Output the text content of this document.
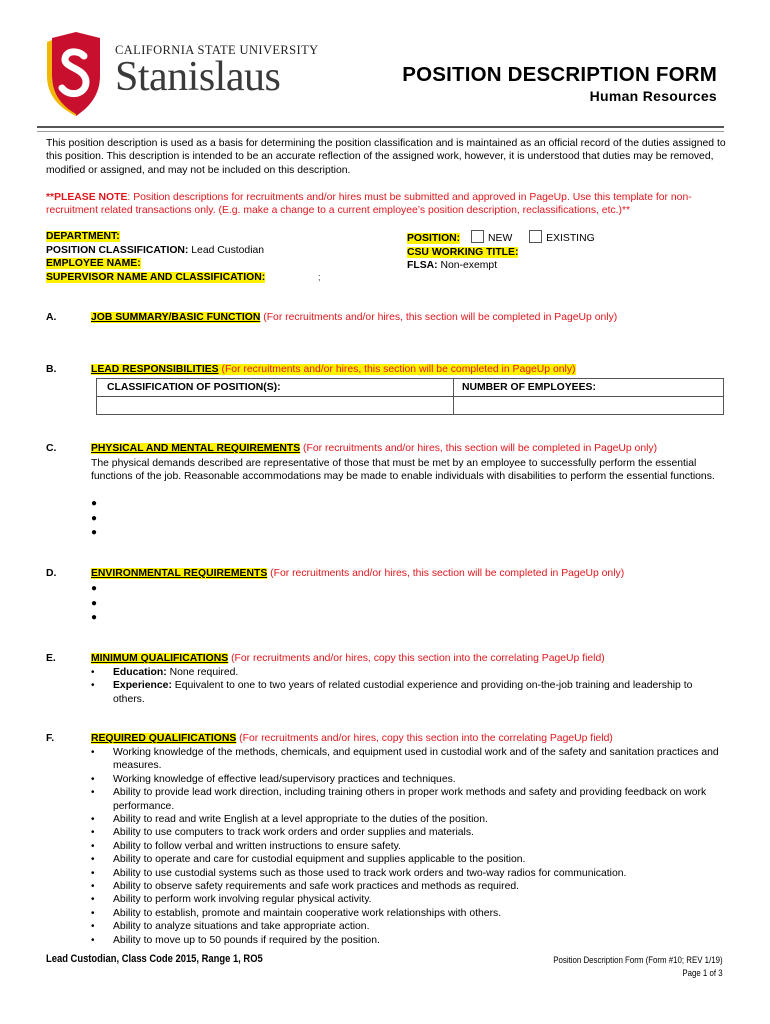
CALIFORNIA STATE UNIVERSITY
Stanislaus	POSITION DESCRIPTION FORM
Human Resources
This position description is used as a basis for determining the position classification and is maintained as an official record of the duties assigned to this position. This description is intended to be an accurate reflection of the assigned work, however, it is understood that duties may be removed, modified or assigned, and may not be included on this description.
**PLEASE NOTE: Position descriptions for recruitments and/or hires must be submitted and approved in PageUp. Use this template for non-recruitment related transactions only. (E.g. make a change to a current employee’s position description, reclassifications, etc.)**
DEPARTMENT:
POSITION CLASSIFICATION: Lead Custodian
EMPLOYEE NAME:
SUPERVISOR NAME AND CLASSIFICATION:	;
POSITION:	NEW	EXISTING
CSU WORKING TITLE:
FLSA: Non-exempt
A.	JOB SUMMARY/BASIC FUNCTION (For recruitments and/or hires, this section will be completed in PageUp only)
B.	LEAD RESPONSIBILITIES (For recruitments and/or hires, this section will be completed in PageUp only)
CLASSIFICATION OF POSITION(S):	NUMBER OF EMPLOYEES:

C.	PHYSICAL AND MENTAL REQUIREMENTS (For recruitments and/or hires, this section will be completed in PageUp only)
The physical demands described are representative of those that must be met by an employee to successfully perform the essential functions of the job. Reasonable accommodations may be made to enable individuals with disabilities to perform the essential functions.
●
●
●
D.	ENVIRONMENTAL REQUIREMENTS (For recruitments and/or hires, this section will be completed in PageUp only)
●
●
●
E.	MINIMUM QUALIFICATIONS (For recruitments and/or hires, copy this section into the correlating PageUp field)
• Education: None required.
• Experience: Equivalent to one to two years of related custodial experience and providing on-the-job training and leadership to others.
F.	REQUIRED QUALIFICATIONS (For recruitments and/or hires, copy this section into the correlating PageUp field)
• Working knowledge of the methods, chemicals, and equipment used in custodial work and of the safety and sanitation practices and measures.
• Working knowledge of effective lead/supervisory practices and techniques.
• Ability to provide lead work direction, including training others in proper work methods and safety and providing feedback on work performance.
• Ability to read and write English at a level appropriate to the duties of the position.
• Ability to use computers to track work orders and order supplies and materials.
• Ability to follow verbal and written instructions to ensure safety.
• Ability to operate and care for custodial equipment and supplies applicable to the position.
• Ability to use custodial systems such as those used to track work orders and two-way radios for communication.
• Ability to observe safety requirements and safe work practices and methods as required.
• Ability to perform work involving regular physical activity.
• Ability to establish, promote and maintain cooperative work relationships with others.
• Ability to analyze situations and take appropriate action.
• Ability to move up to 50 pounds if required by the position.
Lead Custodian, Class Code 2015, Range 1, RO5	Position Description Form (Form #10; REV 1/19)
Page 1 of 3
